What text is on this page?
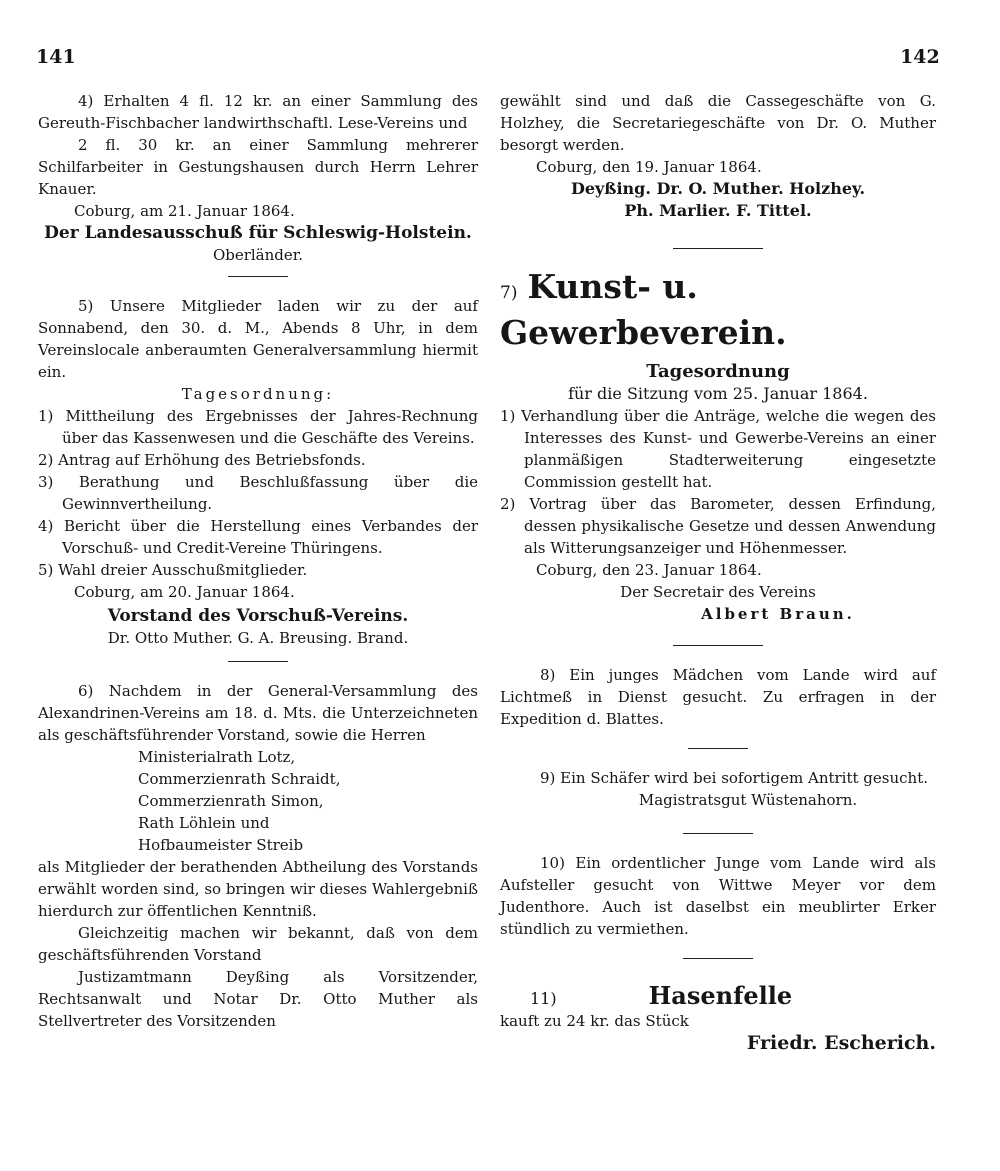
141	142

4) Erhalten 4 fl. 12 kr. an einer Sammlung des Gereuth-Fischbacher landwirthschaftl. Lese-Vereins und

2 fl. 30 kr. an einer Sammlung mehrerer Schilfarbeiter in Gestungshausen durch Herrn Lehrer Knauer.

Coburg, am 21. Januar 1864.

Der Landesausschuß für Schleswig-Holstein.

Oberländer.

5) Unsere Mitglieder laden wir zu der auf Sonnabend, den 30. d. M., Abends 8 Uhr, in dem Vereinslocale anberaumten Generalversammlung hiermit ein.

Tagesordnung:

1) Mittheilung des Ergebnisses der Jahres-Rechnung über das Kassenwesen und die Geschäfte des Vereins.
2) Antrag auf Erhöhung des Betriebsfonds.
3) Berathung und Beschlußfassung über die Gewinnvertheilung.
4) Bericht über die Herstellung eines Verbandes der Vorschuß- und Credit-Vereine Thüringens.
5) Wahl dreier Ausschußmitglieder.

Coburg, am 20. Januar 1864.

Vorstand des Vorschuß-Vereins.

Dr. Otto Muther. G. A. Breusing. Brand.

6) Nachdem in der General-Versammlung des Alexandrinen-Vereins am 18. d. Mts. die Unterzeichneten als geschäftsführender Vorstand, sowie die Herren

Ministerialrath Lotz,
Commerzienrath Schraidt,
Commerzienrath Simon,
Rath Löhlein und
Hofbaumeister Streib

als Mitglieder der berathenden Abtheilung des Vorstands erwählt worden sind, so bringen wir dieses Wahlergebniß hierdurch zur öffentlichen Kenntniß.

Gleichzeitig machen wir bekannt, daß von dem geschäftsführenden Vorstand

Justizamtmann Deyßing als Vorsitzender, Rechtsanwalt und Notar Dr. Otto Muther als Stellvertreter des Vorsitzenden

gewählt sind und daß die Cassegeschäfte von G. Holzhey, die Secretariegeschäfte von Dr. O. Muther besorgt werden.

Coburg, den 19. Januar 1864.

Deyßing. Dr. O. Muther. Holzhey.

Ph. Marlier. F. Tittel.

7) Kunst- u. Gewerbeverein.

Tagesordnung

für die Sitzung vom 25. Januar 1864.

1) Verhandlung über die Anträge, welche die wegen des Interesses des Kunst- und Gewerbe-Vereins an einer planmäßigen Stadterweiterung eingesetzte Commission gestellt hat.
2) Vortrag über das Barometer, dessen Erfindung, dessen physikalische Gesetze und dessen Anwendung als Witterungsanzeiger und Höhenmesser.

Coburg, den 23. Januar 1864.

Der Secretair des Vereins

Albert Braun.

8) Ein junges Mädchen vom Lande wird auf Lichtmeß in Dienst gesucht. Zu erfragen in der Expedition d. Blattes.

9) Ein Schäfer wird bei sofortigem Antritt gesucht.

Magistratsgut Wüstenahorn.

10) Ein ordentlicher Junge vom Lande wird als Aufsteller gesucht von Wittwe Meyer vor dem Judenthore. Auch ist daselbst ein meublirter Erker stündlich zu vermiethen.

11)	Hasenfelle

kauft zu 24 kr. das Stück

Friedr. Escherich.
